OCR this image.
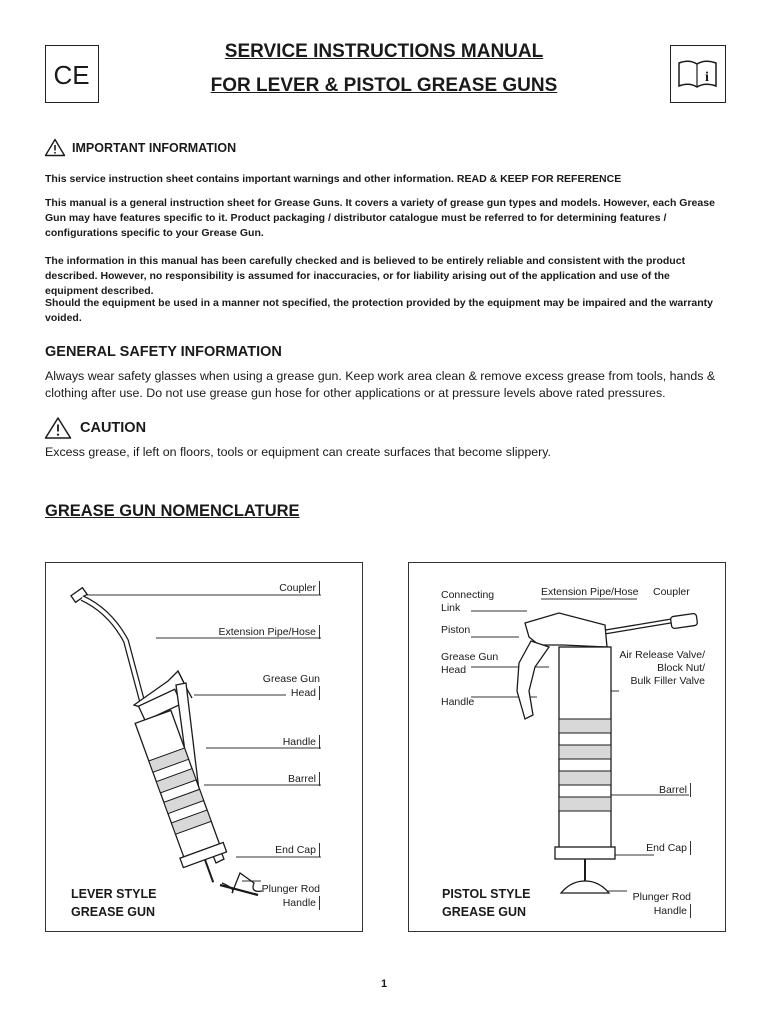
CE
SERVICE INSTRUCTIONS MANUAL
FOR LEVER & PISTOL GREASE GUNS	i
IMPORTANT INFORMATION
This service instruction sheet contains important warnings and other information. READ & KEEP FOR REFERENCE
This manual is a general instruction sheet for Grease Guns. It covers a variety of grease gun types and models. However, each Grease Gun may have features specific to it. Product packaging / distributor catalogue must be referred to for determining features / configurations specific to your Grease Gun.
The information in this manual has been carefully checked and is believed to be entirely reliable and consistent with the product described. However, no responsibility is assumed for inaccuracies, or for liability arising out of the application and use of the equipment described.
Should the equipment be used in a manner not specified, the protection provided by the equipment may be impaired and the warranty voided.
GENERAL SAFETY INFORMATION
Always wear safety glasses when using a grease gun. Keep work area clean & remove excess grease from tools, hands & clothing after use. Do not use grease gun hose for other applications or at pressure levels above rated pressures.
CAUTION
Excess grease, if left on floors, tools or equipment can create surfaces that become slippery.
GREASE GUN NOMENCLATURE
Coupler
Extension Pipe/Hose
Grease Gun
Head
Handle
Barrel
End Cap
Plunger Rod
Handle
LEVER STYLE
GREASE GUN
Connecting
Link
Piston
Extension Pipe/Hose Coupler
Grease Gun
Head
Air Release Valve/
Block Nut/
Bulk Filler Valve
Handle
Barrel
End Cap
Plunger Rod
Handle
PISTOL STYLE
GREASE GUN
1
